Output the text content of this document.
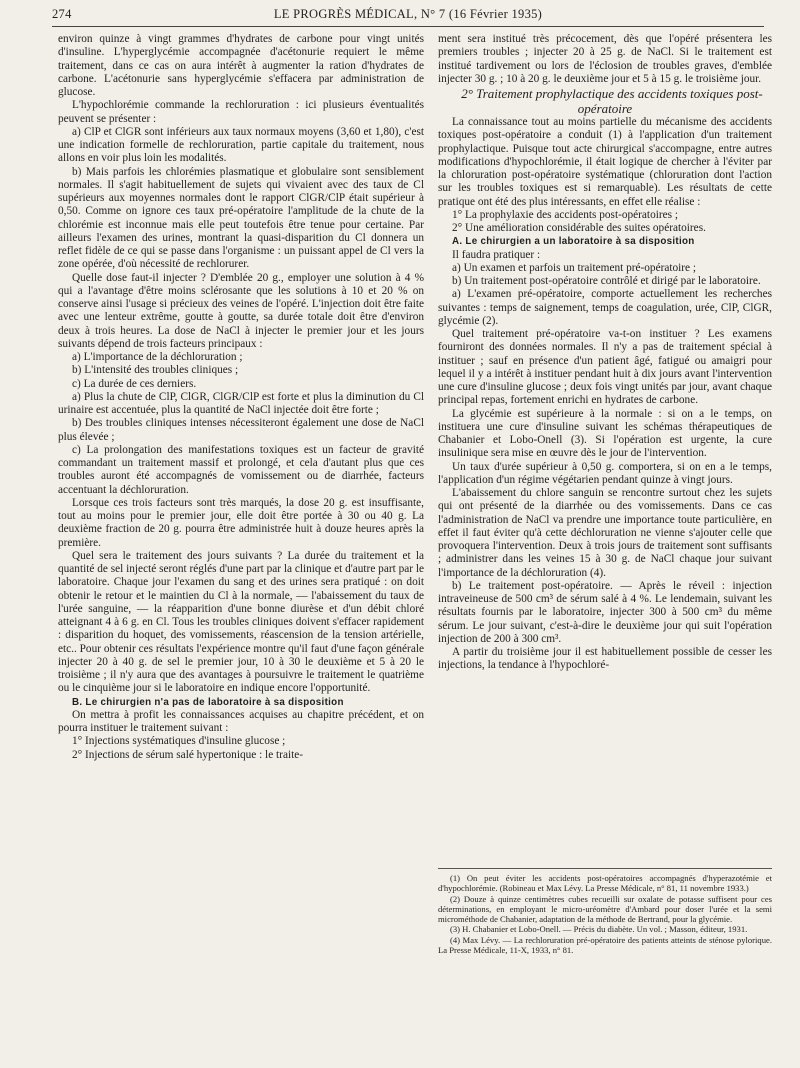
274	LE PROGRÈS MÉDICAL, N° 7 (16 Février 1935)

environ quinze à vingt grammes d'hydrates de carbone pour vingt unités d'insuline. L'hyperglycémie accompagnée d'acétonurie requiert le même traitement, dans ce cas on aura intérêt à augmenter la ration d'hydrates de carbone. L'acétonurie sans hyperglycémie s'effacera par administration de glucose.

L'hypochlorémie commande la rechloruration : ici plusieurs éventualités peuvent se présenter :

a) ClP et ClGR sont inférieurs aux taux normaux moyens (3,60 et 1,80), c'est une indication formelle de rechloruration, partie capitale du traitement, nous allons en voir plus loin les modalités.

b) Mais parfois les chlorémies plasmatique et globulaire sont sensiblement normales. Il s'agit habituellement de sujets qui vivaient avec des taux de Cl supérieurs aux moyennes normales dont le rapport ClGR/ClP était supérieur à 0,50. Comme on ignore ces taux pré-opératoire l'amplitude de la chute de la chlorémie est inconnue mais elle peut toutefois être tenue pour certaine. Par ailleurs l'examen des urines, montrant la quasi-disparition du Cl donnera un reflet fidèle de ce qui se passe dans l'organisme : un puissant appel de Cl vers la zone opérée, d'où nécessité de rechlorurer.

Quelle dose faut-il injecter ? D'emblée 20 g., employer une solution à 4 % qui a l'avantage d'être moins sclérosante que les solutions à 10 et 20 % on conserve ainsi l'usage si précieux des veines de l'opéré. L'injection doit être faite avec une lenteur extrême, goutte à goutte, sa durée totale doit être d'environ deux à trois heures. La dose de NaCl à injecter le premier jour et les jours suivants dépend de trois facteurs principaux :

a) L'importance de la déchloruration ;

b) L'intensité des troubles cliniques ;

c) La durée de ces derniers.

a) Plus la chute de ClP, ClGR, ClGR/ClP est forte et plus la diminution du Cl urinaire est accentuée, plus la quantité de NaCl injectée doit être forte ;

b) Des troubles cliniques intenses nécessiteront également une dose de NaCl plus élevée ;

c) La prolongation des manifestations toxiques est un facteur de gravité commandant un traitement massif et prolongé, et cela d'autant plus que ces troubles auront été accompagnés de vomissement ou de diarrhée, facteurs accentuant la déchloruration.

Lorsque ces trois facteurs sont très marqués, la dose 20 g. est insuffisante, tout au moins pour le premier jour, elle doit être portée à 30 ou 40 g. La deuxième fraction de 20 g. pourra être administrée huit à douze heures après la première.

Quel sera le traitement des jours suivants ? La durée du traitement et la quantité de sel injecté seront réglés d'une part par la clinique et d'autre part par le laboratoire. Chaque jour l'examen du sang et des urines sera pratiqué : on doit obtenir le retour et le maintien du Cl à la normale, — l'abaissement du taux de l'urée sanguine, — la réapparition d'une bonne diurèse et d'un débit chloré atteignant 4 à 6 g. en Cl. Tous les troubles cliniques doivent s'effacer rapidement : disparition du hoquet, des vomissements, réascension de la tension artérielle, etc.. Pour obtenir ces résultats l'expérience montre qu'il faut d'une façon générale injecter 20 à 40 g. de sel le premier jour, 10 à 30 le deuxième et 5 à 20 le troisième ; il n'y aura que des avantages à poursuivre le traitement le quatrième ou le cinquième jour si le laboratoire en indique encore l'opportunité.

B. Le chirurgien n'a pas de laboratoire à sa disposition

On mettra à profit les connaissances acquises au chapitre précédent, et on pourra instituer le traitement suivant :

1° Injections systématiques d'insuline glucose ;

2° Injections de sérum salé hypertonique : le traite-

ment sera institué très précocement, dès que l'opéré présentera les premiers troubles ; injecter 20 à 25 g. de NaCl. Si le traitement est institué tardivement ou lors de l'éclosion de troubles graves, d'emblée injecter 30 g. ; 10 à 20 g. le deuxième jour et 5 à 15 g. le troisième jour.

2° Traitement prophylactique des accidents toxiques post-opératoire

La connaissance tout au moins partielle du mécanisme des accidents toxiques post-opératoire a conduit (1) à l'application d'un traitement prophylactique. Puisque tout acte chirurgical s'accompagne, entre autres modifications d'hypochlorémie, il était logique de chercher à l'éviter par la chloruration post-opératoire systématique (chloruration dont l'action sur les troubles toxiques est si remarquable). Les résultats de cette pratique ont été des plus intéressants, en effet elle réalise :

1° La prophylaxie des accidents post-opératoires ;

2° Une amélioration considérable des suites opératoires.

A. Le chirurgien a un laboratoire à sa disposition

Il faudra pratiquer :

a) Un examen et parfois un traitement pré-opératoire ;

b) Un traitement post-opératoire contrôlé et dirigé par le laboratoire.

a) L'examen pré-opératoire, comporte actuellement les recherches suivantes : temps de saignement, temps de coagulation, urée, ClP, ClGR, glycémie (2).

Quel traitement pré-opératoire va-t-on instituer ? Les examens fourniront des données normales. Il n'y a pas de traitement spécial à instituer ; sauf en présence d'un patient âgé, fatigué ou amaigri pour lequel il y a intérêt à instituer pendant huit à dix jours avant l'intervention une cure d'insuline glucose ; deux fois vingt unités par jour, avant chaque principal repas, fortement enrichi en hydrates de carbone.

La glycémie est supérieure à la normale : si on a le temps, on instituera une cure d'insuline suivant les schémas thérapeutiques de Chabanier et Lobo-Onell (3). Si l'opération est urgente, la cure insulinique sera mise en œuvre dès le jour de l'intervention.

Un taux d'urée supérieur à 0,50 g. comportera, si on en a le temps, l'application d'un régime végétarien pendant quinze à vingt jours.

L'abaissement du chlore sanguin se rencontre surtout chez les sujets qui ont présenté de la diarrhée ou des vomissements. Dans ce cas l'administration de NaCl va prendre une importance toute particulière, en effet il faut éviter qu'à cette déchloruration ne vienne s'ajouter celle que provoquera l'intervention. Deux à trois jours de traitement sont suffisants ; administrer dans les veines 15 à 30 g. de NaCl chaque jour suivant l'importance de la déchloruration (4).

b) Le traitement post-opératoire. — Après le réveil : injection intraveineuse de 500 cm³ de sérum salé à 4 %. Le lendemain, suivant les résultats fournis par le laboratoire, injecter 300 à 500 cm³ du même sérum. Le jour suivant, c'est-à-dire le deuxième jour qui suit l'opération injection de 200 à 300 cm³.

A partir du troisième jour il est habituellement possible de cesser les injections, la tendance à l'hypochloré-

(1) On peut éviter les accidents post-opératoires accompagnés d'hyperazotémie et d'hypochlorémie. (Robineau et Max Lévy. La Presse Médicale, n° 81, 11 novembre 1933.)

(2) Douze à quinze centimètres cubes recueilli sur oxalate de potasse suffisent pour ces déterminations, en employant le micro-uréomètre d'Ambard pour doser l'urée et la semi microméthode de Chabanier, adaptation de la méthode de Bertrand, pour la glycémie.

(3) H. Chabanier et Lobo-Onell. — Précis du diabète. Un vol. ; Masson, éditeur, 1931.

(4) Max Lévy. — La rechloruration pré-opératoire des patients atteints de sténose pylorique. La Presse Médicale, 11-X, 1933, n° 81.
